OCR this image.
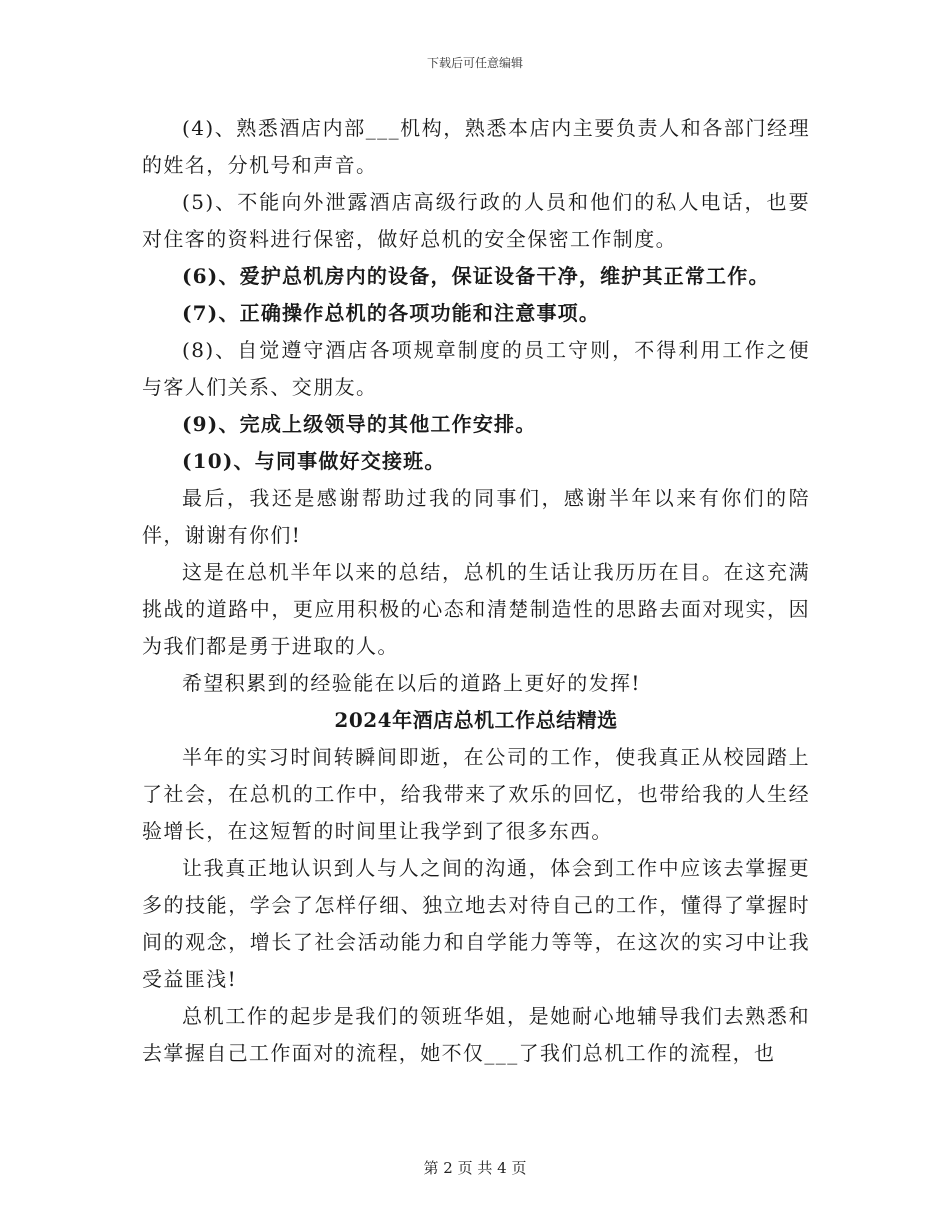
下载后可任意编辑

(4)、熟悉酒店内部___机构，熟悉本店内主要负责人和各部门经理的姓名，分机号和声音。

(5)、不能向外泄露酒店高级行政的人员和他们的私人电话，也要对住客的资料进行保密，做好总机的安全保密工作制度。

(6)、爱护总机房内的设备，保证设备干净，维护其正常工作。

(7)、正确操作总机的各项功能和注意事项。

(8)、自觉遵守酒店各项规章制度的员工守则，不得利用工作之便与客人们关系、交朋友。

(9)、完成上级领导的其他工作安排。

(10)、与同事做好交接班。

最后，我还是感谢帮助过我的同事们，感谢半年以来有你们的陪伴，谢谢有你们!

这是在总机半年以来的总结，总机的生话让我历历在目。在这充满挑战的道路中，更应用积极的心态和清楚制造性的思路去面对现实，因为我们都是勇于进取的人。

希望积累到的经验能在以后的道路上更好的发挥!

2024年酒店总机工作总结精选

半年的实习时间转瞬间即逝，在公司的工作，使我真正从校园踏上了社会，在总机的工作中，给我带来了欢乐的回忆，也带给我的人生经验增长，在这短暂的时间里让我学到了很多东西。

让我真正地认识到人与人之间的沟通，体会到工作中应该去掌握更多的技能，学会了怎样仔细、独立地去对待自己的工作，懂得了掌握时间的观念，增长了社会活动能力和自学能力等等，在这次的实习中让我受益匪浅!

总机工作的起步是我们的领班华姐，是她耐心地辅导我们去熟悉和去掌握自己工作面对的流程，她不仅___了我们总机工作的流程，也

第 2 页 共 4 页
